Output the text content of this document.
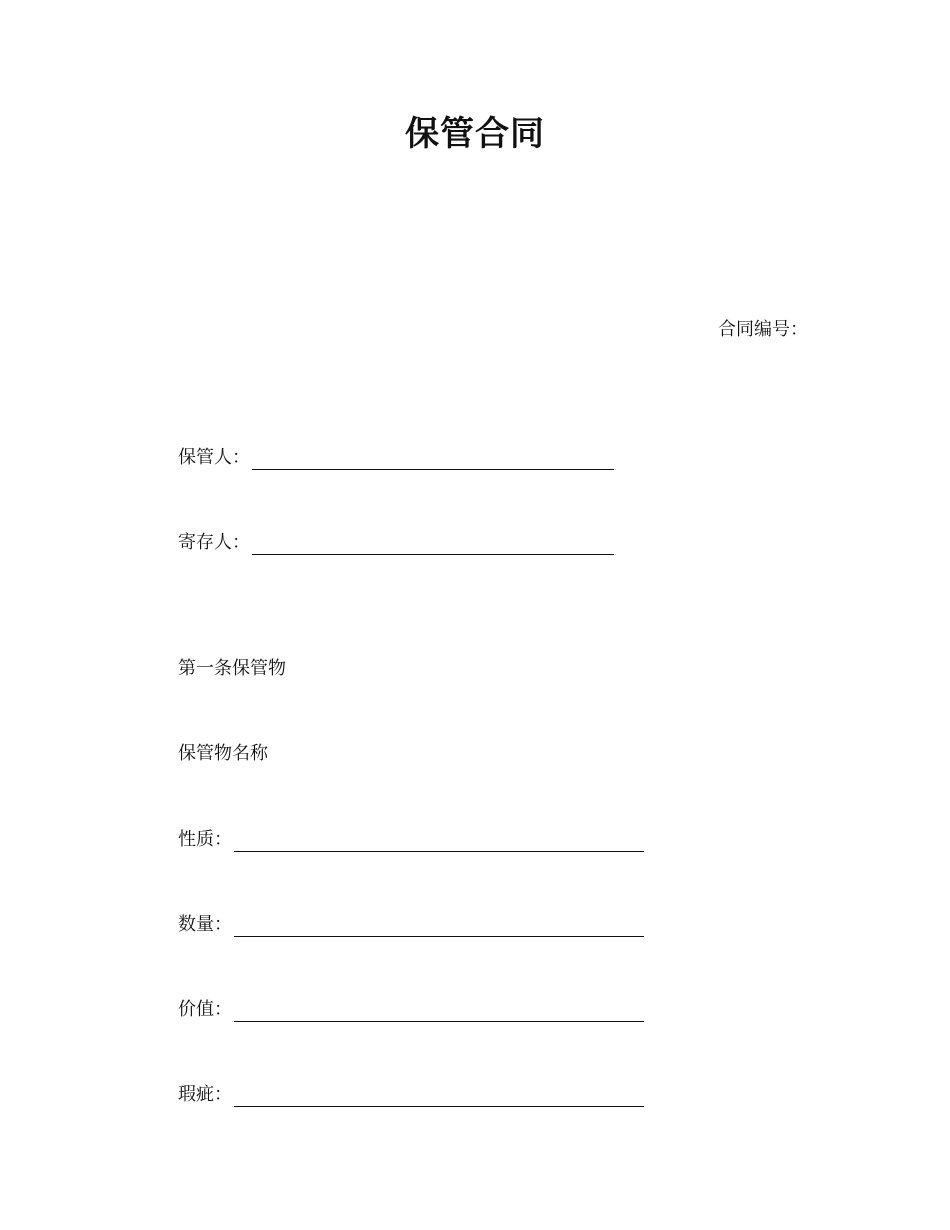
保管合同
合同编号：
保管人：
寄存人：
第一条保管物
保管物名称
性质：
数量：
价值：
瑕疵：
